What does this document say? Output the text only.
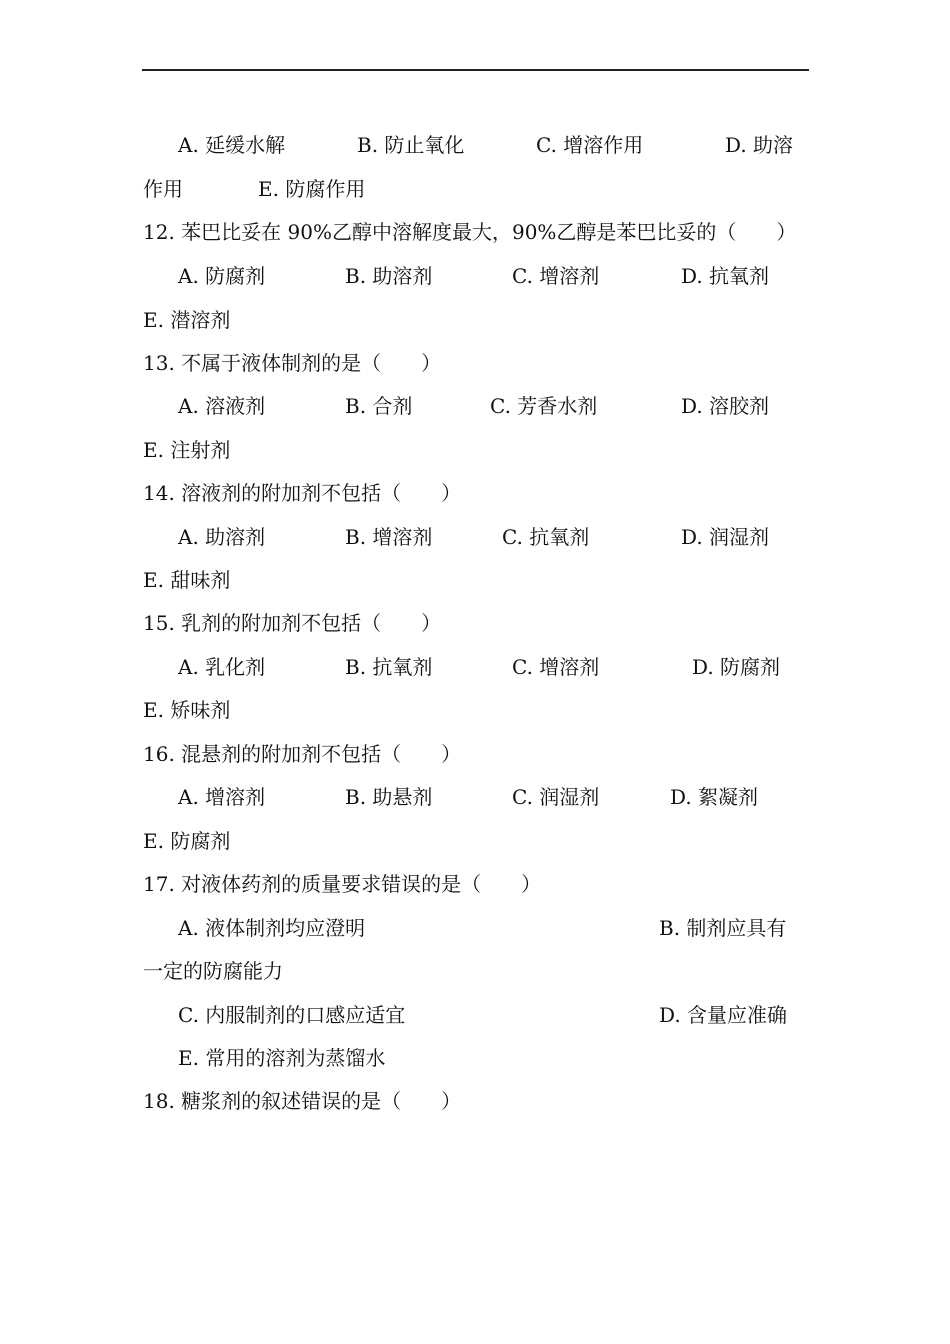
A. 延缓水解	B. 防止氧化	C. 增溶作用	D. 助溶
作用	E. 防腐作用
12. 苯巴比妥在 90%乙醇中溶解度最大，90%乙醇是苯巴比妥的（　　）
A. 防腐剂	B. 助溶剂	C. 增溶剂	D. 抗氧剂
E. 潜溶剂
13. 不属于液体制剂的是（　　）
A. 溶液剂	B. 合剂	C. 芳香水剂	D. 溶胶剂
E. 注射剂
14. 溶液剂的附加剂不包括（　　）
A. 助溶剂	B. 增溶剂	C. 抗氧剂	D. 润湿剂
E. 甜味剂
15. 乳剂的附加剂不包括（　　）
A. 乳化剂	B. 抗氧剂	C. 增溶剂	D. 防腐剂
E. 矫味剂
16. 混悬剂的附加剂不包括（　　）
A. 增溶剂	B. 助悬剂	C. 润湿剂	D. 絮凝剂
E. 防腐剂
17. 对液体药剂的质量要求错误的是（　　）
A. 液体制剂均应澄明	B. 制剂应具有
一定的防腐能力
C. 内服制剂的口感应适宜	D. 含量应准确
E. 常用的溶剂为蒸馏水
18. 糖浆剂的叙述错误的是（　　）
